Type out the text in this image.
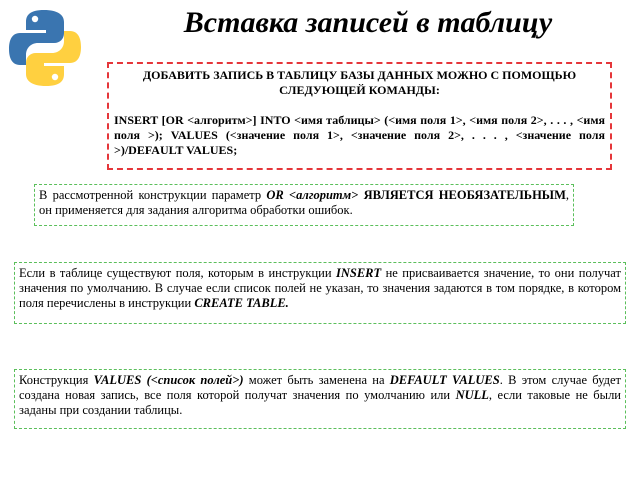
Вставка записей в таблицу
ДОБАВИТЬ ЗАПИСЬ В ТАБЛИЦУ БАЗЫ ДАННЫХ МОЖНО С ПОМОЩЬЮ СЛЕДУЮЩЕЙ КОМАНДЫ:
INSERT [OR <алгоритм>] INTO <имя таблицы> (<имя поля 1>, <имя поля 2>, . . . , <имя поля >); VALUES (<значение поля 1>, <значение поля 2>, . . . , <значение поля >)/DEFAULT VALUES;
В рассмотренной конструкции параметр OR <алгоритм> ЯВЛЯЕТСЯ НЕОБЯЗАТЕЛЬНЫМ, он применяется для задания алгоритма обработки ошибок.
Если в таблице существуют поля, которым в инструкции INSERT не присваивается значение, то они получат значения по умолчанию. В случае если список полей не указан, то значения задаются в том порядке, в котором поля перечислены в инструкции CREATE TABLE.
Конструкция VALUES (<список полей>) может быть заменена на DEFAULT VALUES. В этом случае будет создана новая запись, все поля которой получат значения по умолчанию или NULL, если таковые не были заданы при создании таблицы.
